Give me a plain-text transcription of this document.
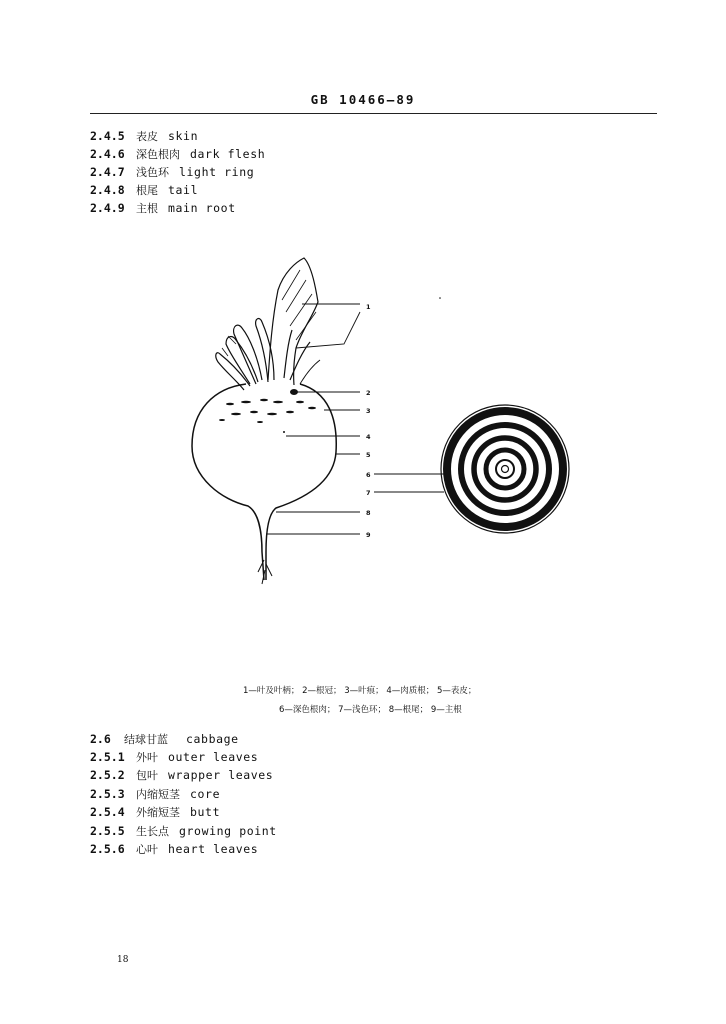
GB 10466—89
2.4.5 表皮 skin
2.4.6 深色根肉 dark flesh
2.4.7 浅色环 light ring
2.4.8 根尾 tail
2.4.9 主根 main root
1
2
3
4
5
6
7
8
9
1—叶及叶柄； 2—根冠； 3—叶痕； 4—肉质根； 5—表皮；
6—深色根肉； 7—浅色环； 8—根尾； 9—主根
2.6 结球甘蓝 cabbage
2.5.1 外叶 outer leaves
2.5.2 包叶 wrapper leaves
2.5.3 内缩短茎 core
2.5.4 外缩短茎 butt
2.5.5 生长点 growing point
2.5.6 心叶 heart leaves
18
